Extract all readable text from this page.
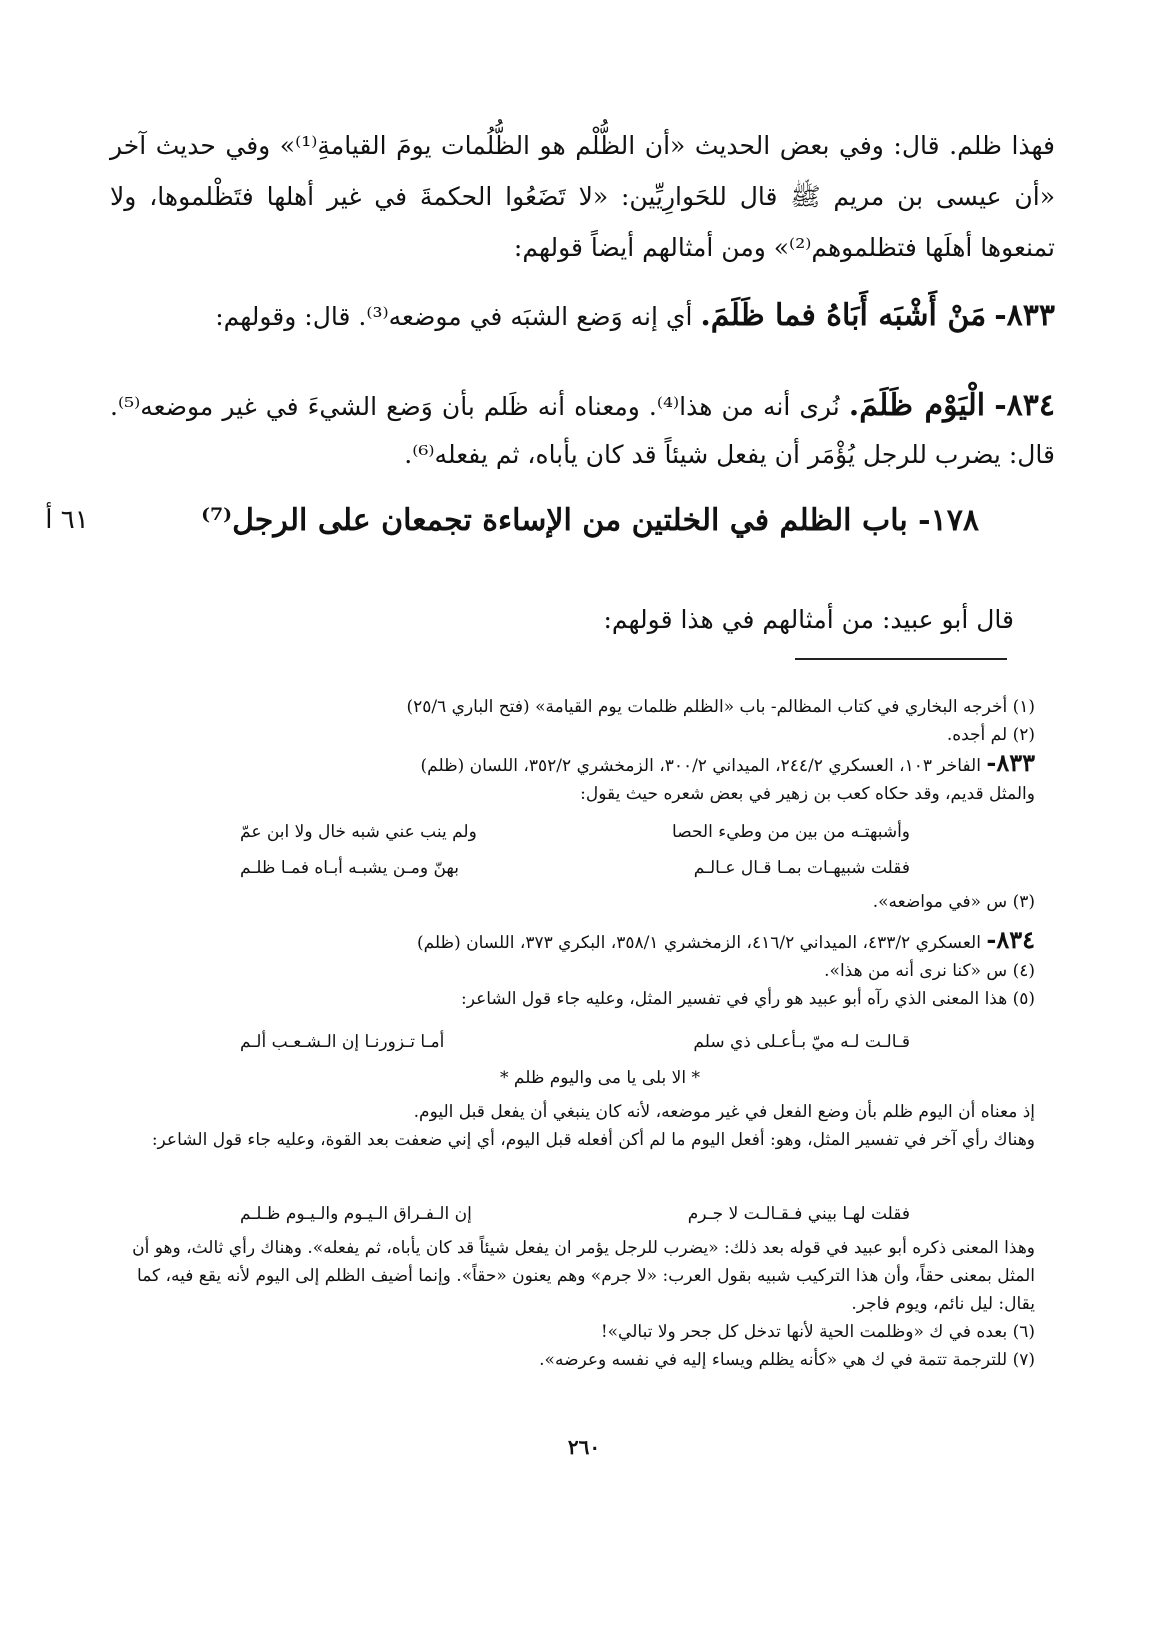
فهذا ظلم. قال: وفي بعض الحديث «أن الظُّلْم هو الظُّلُمات يومَ القيامةِ⁽¹⁾» وفي حديث آخر «أن عيسى بن مريم ﷺ قال للحَوارِيِّين: «لا تَضَعُوا الحكمةَ في غير أهلها فتَظْلموها، ولا تمنعوها أهلَها فتظلموهم⁽²⁾» ومن أمثالهم أيضاً قولهم:
٨٣٣- مَنْ أَشْبَه أَبَاهُ فما ظَلَمَ. أي إنه وَضع الشبَه في موضعه⁽³⁾. قال: وقولهم:
٨٣٤- الْيَوْم ظَلَمَ. نُرى أنه من هذا⁽⁴⁾. ومعناه أنه ظَلم بأن وَضع الشيءَ في غير موضعه⁽⁵⁾. قال: يضرب للرجل يُؤْمَر أن يفعل شيئاً قد كان يأباه، ثم يفعله⁽⁶⁾.
١٧٨- باب الظلم في الخلتين من الإساءة تجمعان على الرجل⁽⁷⁾
٦١ أ
قال أبو عبيد: من أمثالهم في هذا قولهم:
(١) أخرجه البخاري في كتاب المظالم- باب «الظلم ظلمات يوم القيامة» (فتح الباري ٢٥/٦)
(٢) لم أجده.
٨٣٣- الفاخر ١٠٣، العسكري ٢٤٤/٢، الميداني ٣٠٠/٢، الزمخشري ٣٥٢/٢، اللسان (ظلم)
والمثل قديم، وقد حكاه كعب بن زهير في بعض شعره حيث يقول:
وأشبهتـه من بين من وطيء الحصا
ولم ينب عني شبه خال ولا ابن عمّ
فقلت شبيهـات بمـا قـال عـالـم
بهنّ ومـن يشبـه أبـاه فمـا ظلـم
(٣) س «في مواضعه».
٨٣٤- العسكري ٤٣٣/٢، الميداني ٤١٦/٢، الزمخشري ٣٥٨/١، البكري ٣٧٣، اللسان (ظلم)
(٤) س «كنا نرى أنه من هذا».
(٥) هذا المعنى الذي رآه أبو عبيد هو رأي في تفسير المثل، وعليه جاء قول الشاعر:
قـالـت لـه ميّ بـأعـلى ذي سلم
أمـا تـزورنـا إن الـشـعـب ألـم
* الا بلى يا مى واليوم ظلم *
إذ معناه أن اليوم ظلم بأن وضع الفعل في غير موضعه، لأنه كان ينبغي أن يفعل قبل اليوم.
وهناك رأي آخر في تفسير المثل، وهو: أفعل اليوم ما لم أكن أفعله قبل اليوم، أي إني ضعفت بعد القوة، وعليه جاء قول الشاعر:
فقلت لهـا بيني فـقـالـت لا جـرم
إن الـفـراق الـيـوم والـيـوم ظـلـم
وهذا المعنى ذكره أبو عبيد في قوله بعد ذلك: «يضرب للرجل يؤمر ان يفعل شيئاً قد كان يأباه، ثم يفعله». وهناك رأي ثالث، وهو أن المثل بمعنى حقاً، وأن هذا التركيب شبيه بقول العرب: «لا جرم» وهم يعنون «حقاً». وإنما أضيف الظلم إلى اليوم لأنه يقع فيه، كما يقال: ليل نائم، ويوم فاجر.
(٦) بعده في ك «وظلمت الحية لأنها تدخل كل جحر ولا تبالي»!
(٧) للترجمة تتمة في ك هي «كأنه يظلم ويساء إليه في نفسه وعرضه».
٢٦٠
